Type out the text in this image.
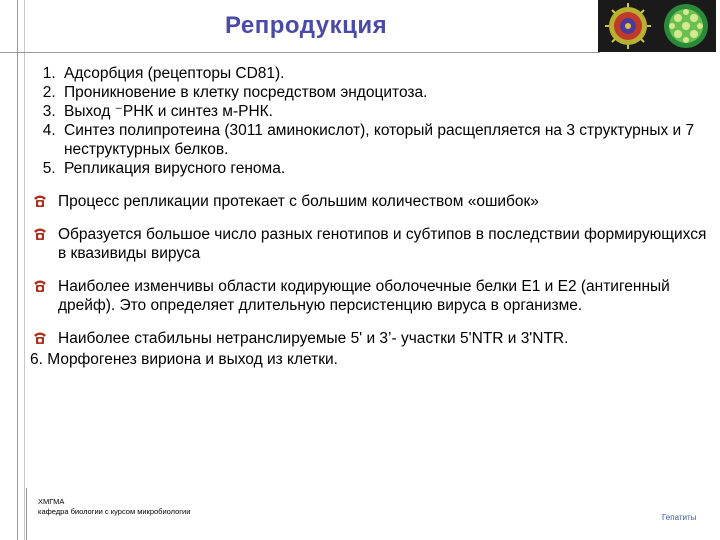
Репродукция
1. Адсорбция (рецепторы CD81).
2. Проникновение в клетку посредством эндоцитоза.
3. Выход ⁻РНК и синтез м-РНК.
4. Синтез полипротеина (3011 аминокислот), который расщепляется на 3 структурных и 7 неструктурных белков.
5. Репликация вирусного генома.
Процесс репликации протекает с большим количеством «ошибок»
Образуется большое число разных генотипов и субтипов в последствии формирующихся в квазивиды вируса
Наиболее изменчивы области кодирующие оболочечные белки Е1 и Е2 (антигенный дрейф). Это определяет длительную персистенцию вируса в организме.
Наиболее стабильны нетранслируемые 5' и 3’- участки 5'NTR и 3'NTR.
6. Морфогенез вириона и выход из клетки.
ХМГМА
кафедра биологии с курсом микробиологии
Гепатиты
